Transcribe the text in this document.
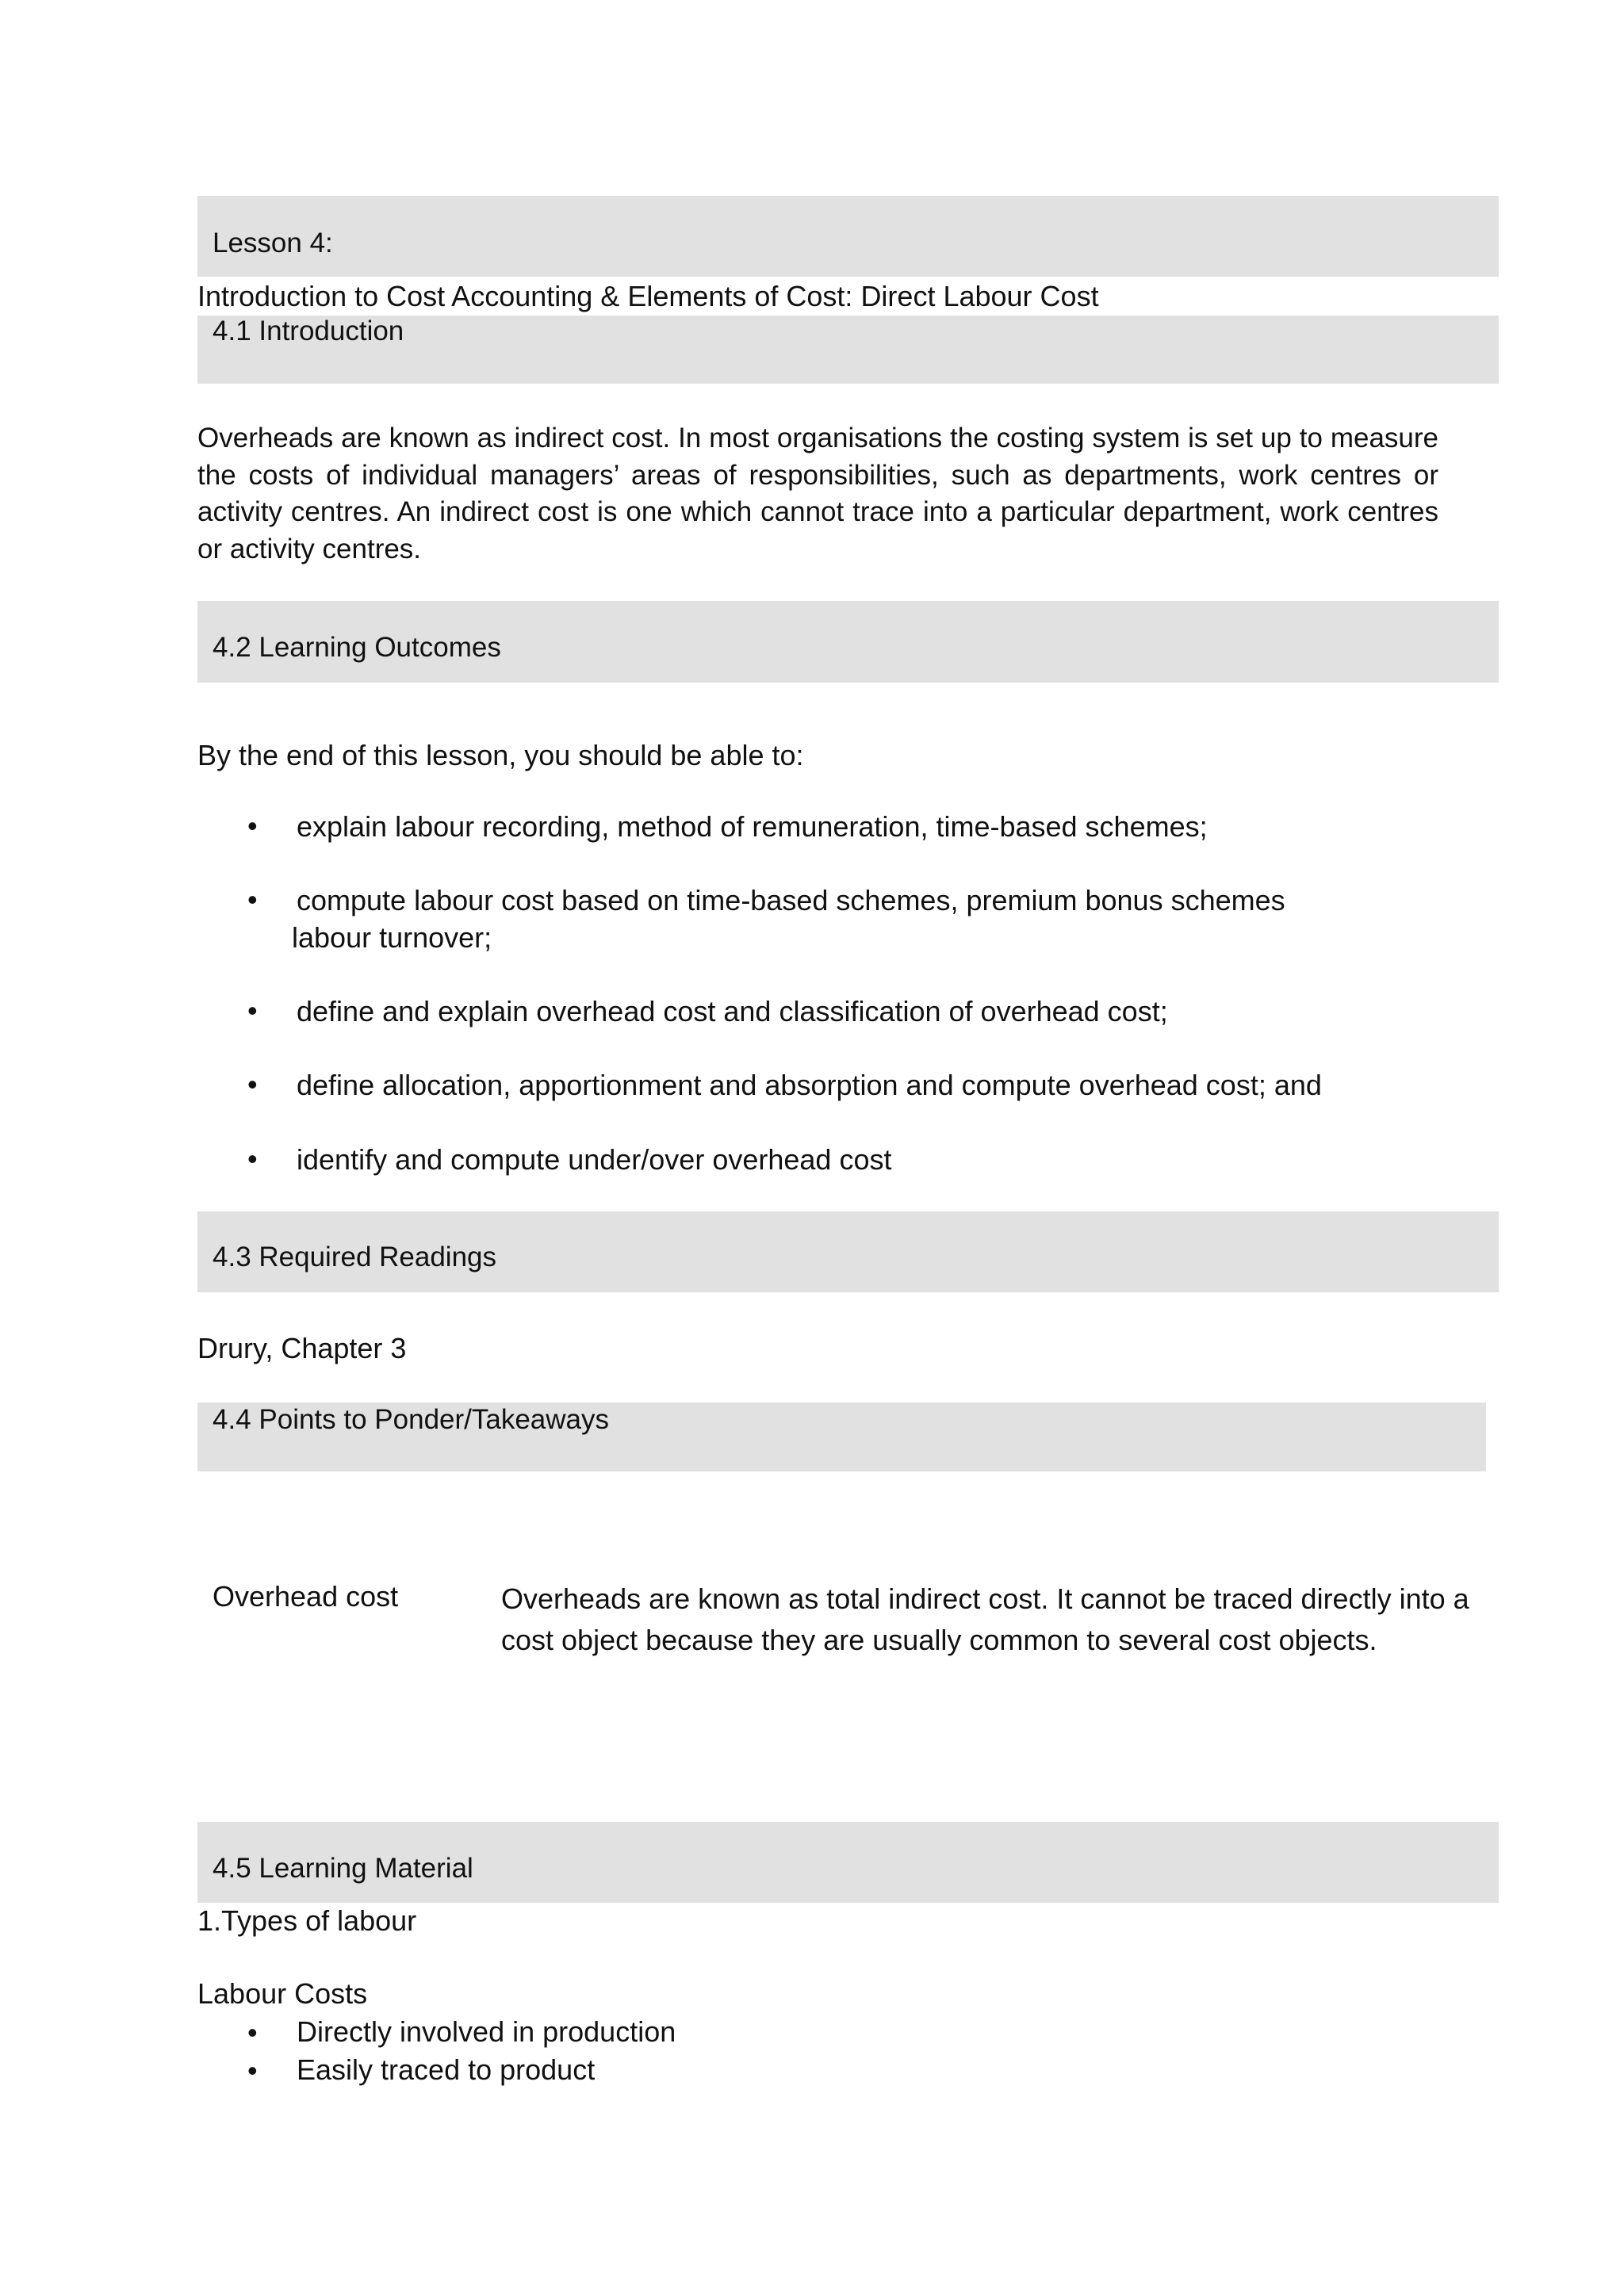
Lesson 4:
Introduction to Cost Accounting & Elements of Cost: Direct Labour Cost
4.1 Introduction
Overheads are known as indirect cost. In most organisations the costing system is set up to measure the costs of individual managers’ areas of responsibilities, such as departments, work centres or activity centres. An indirect cost is one which cannot trace into a particular department, work centres or activity centres.
4.2 Learning Outcomes
By the end of this lesson, you should be able to:
• explain labour recording, method of remuneration, time-based schemes;
• compute labour cost based on time-based schemes, premium bonus schemes
labour turnover;
• define and explain overhead cost and classification of overhead cost;
• define allocation, apportionment and absorption and compute overhead cost; and
• identify and compute under/over overhead cost
4.3 Required Readings
Drury, Chapter 3
4.4 Points to Ponder/Takeaways
Overhead cost	Overheads are known as total indirect cost. It cannot be traced directly into a cost object because they are usually common to several cost objects.
4.5 Learning Material
1.Types of labour
Labour Costs
• Directly involved in production
• Easily traced to product
